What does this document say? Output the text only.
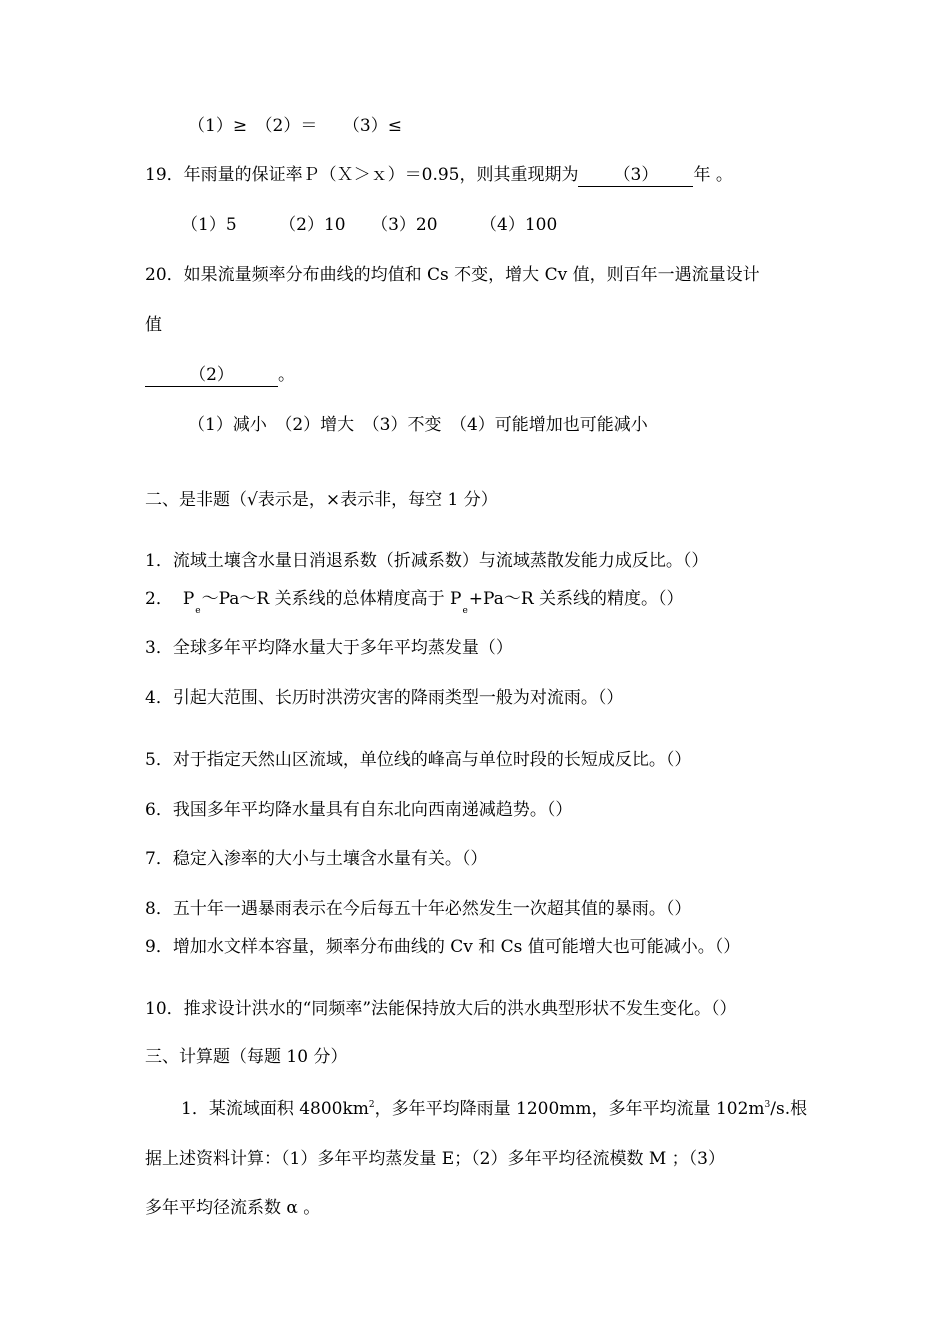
（1）≥　（2）＝　　（3）≤
19．年雨量的保证率Ｐ（Ｘ＞ｘ）＝0.95，则其重现期为 （3） 年 。
（1）5　　　（2）10　　（3）20　　　（4）100
20．如果流量频率分布曲线的均值和 Cs 不变，增大 Cv 值，则百年一遇流量设计
值
（2）	。
（1）减小　（2）增大　（3）不变　（4）可能增加也可能减小
二、是非题（√表示是，×表示非，每空 1 分）
1．流域土壤含水量日消退系数（折减系数）与流域蒸散发能力成反比。（）
2． $P_e\sim Pa\sim R$ 关系线的总体精度高于 $P_e+Pa\sim R$ 关系线的精度。（）
3．全球多年平均降水量大于多年平均蒸发量（）
4．引起大范围、长历时洪涝灾害的降雨类型一般为对流雨。（）
5．对于指定天然山区流域，单位线的峰高与单位时段的长短成反比。（）
6．我国多年平均降水量具有自东北向西南递减趋势。（）
7．稳定入渗率的大小与土壤含水量有关。（）
8．五十年一遇暴雨表示在今后每五十年必然发生一次超其值的暴雨。（）
9．增加水文样本容量，频率分布曲线的 Cv 和 Cs 值可能增大也可能减小。（）
10．推求设计洪水的“同频率”法能保持放大后的洪水典型形状不发生变化。（）
三、计算题（每题 10 分）
1．某流域面积 $4800km^2$，多年平均降雨量 1200mm，多年平均流量 $102m^3/s$.根
据上述资料计算：（1）多年平均蒸发量 E；（2）多年平均径流模数 M ；（3）
多年平均径流系数 α 。
